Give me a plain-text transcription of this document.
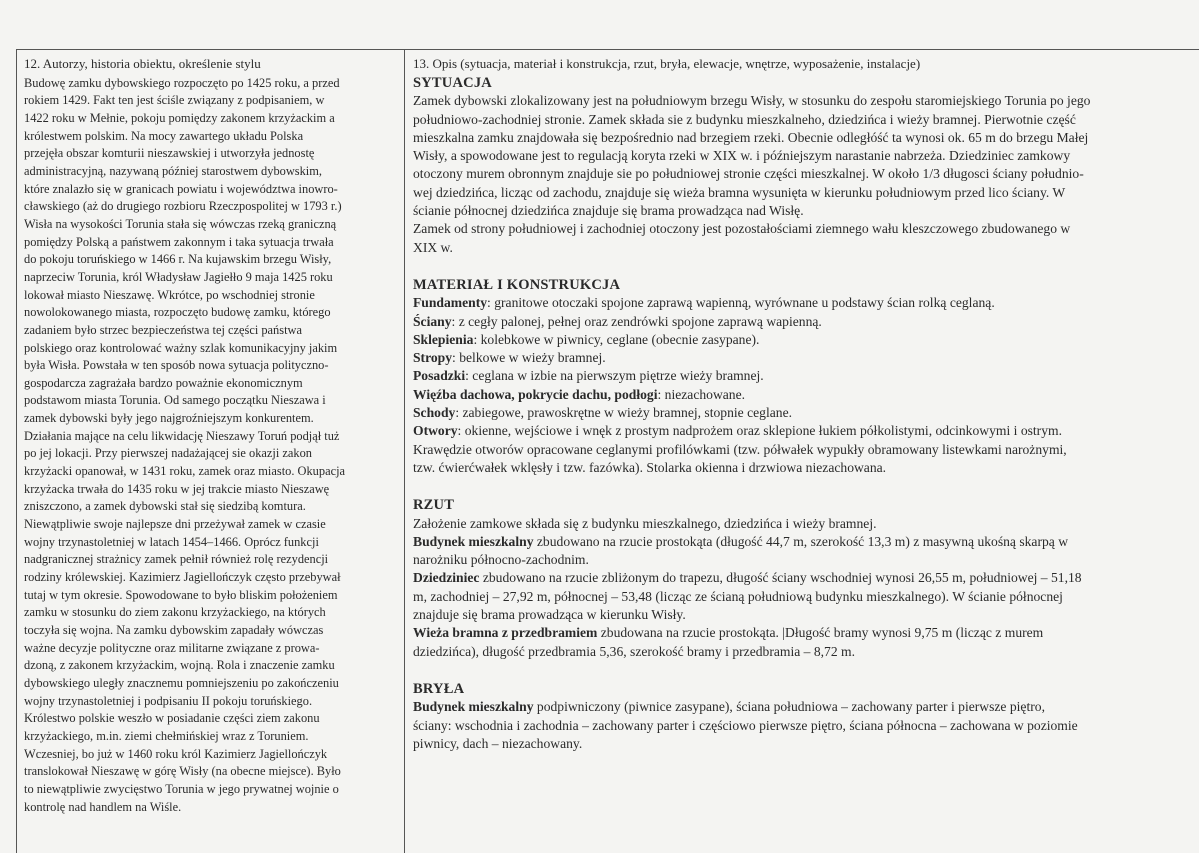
12. Autorzy, historia obiektu, określenie stylu
Budowę zamku dybowskiego rozpoczęto po 1425 roku, a przed
rokiem 1429. Fakt ten jest ściśle związany z podpisaniem, w
1422 roku w Mełnie, pokoju pomiędzy zakonem krzyżackim a
królestwem polskim. Na mocy zawartego układu Polska
przejęła obszar komturii nieszawskiej i utworzyła jednostę
administracyjną, nazywaną później starostwem dybowskim,
które znalazło się w granicach powiatu i województwa inowro-
cławskiego (aż do drugiego rozbioru Rzeczpospolitej w 1793 r.)
Wisła na wysokości Torunia stała się wówczas rzeką graniczną
pomiędzy Polską a państwem zakonnym i taka sytuacja trwała
do pokoju toruńskiego w 1466 r. Na kujawskim brzegu Wisły,
naprzeciw Torunia, król Władysław Jagiełło 9 maja 1425 roku
lokował miasto Nieszawę. Wkrótce, po wschodniej stronie
nowolokowanego miasta, rozpoczęto budowę zamku, którego
zadaniem było strzec bezpieczeństwa tej części państwa
polskiego oraz kontrolować ważny szlak komunikacyjny jakim
była Wisła. Powstała w ten sposób nowa sytuacja polityczno-
gospodarcza zagrażała bardzo poważnie ekonomicznym
podstawom miasta Torunia. Od samego początku Nieszawa i
zamek dybowski były jego najgroźniejszym konkurentem.
Działania mające na celu likwidację Nieszawy Toruń podjął tuż
po jej lokacji. Przy pierwszej nadażającej sie okazji zakon
krzyżacki opanował, w 1431 roku, zamek oraz miasto. Okupacja
krzyżacka trwała do 1435 roku w jej trakcie miasto Nieszawę
zniszczono, a zamek dybowski stał się siedzibą komtura.
Niewątpliwie swoje najlepsze dni przeżywał zamek w czasie
wojny trzynastoletniej w latach 1454–1466. Oprócz funkcji
nadgranicznej strażnicy zamek pełnił również rolę rezydencji
rodziny królewskiej. Kazimierz Jagiellończyk często przebywał
tutaj w tym okresie. Spowodowane to było bliskim położeniem
zamku w stosunku do ziem zakonu krzyżackiego, na których
toczyła się wojna. Na zamku dybowskim zapadały wówczas
ważne decyzje polityczne oraz militarne związane z prowa-
dzoną, z zakonem krzyżackim, wojną. Rola i znaczenie zamku
dybowskiego uległy znacznemu pomniejszeniu po zakończeniu
wojny trzynastoletniej i podpisaniu II pokoju toruńskiego.
Królestwo polskie weszło w posiadanie części ziem zakonu
krzyżackiego, m.in. ziemi chełmińskiej wraz z Toruniem.
Wczesniej, bo już w 1460 roku król Kazimierz Jagiellończyk
translokował Nieszawę w górę Wisły (na obecne miejsce). Było
to niewątpliwie zwycięstwo Torunia w jego prywatnej wojnie o
kontrolę nad handlem na Wiśle.
13. Opis (sytuacja, materiał i konstrukcja, rzut, bryła, elewacje, wnętrze, wyposażenie, instalacje)
SYTUACJA
Zamek dybowski zlokalizowany jest na południowym brzegu Wisły, w stosunku do zespołu staromiejskiego Torunia po jego
południowo-zachodniej stronie. Zamek składa sie z budynku mieszkalneho, dziedzińca i wieży bramnej. Pierwotnie część
mieszkalna zamku znajdowała się bezpośrednio nad brzegiem rzeki. Obecnie odległóść ta wynosi ok. 65 m do brzegu Małej
Wisły, a spowodowane jest to regulacją koryta rzeki w XIX w. i późniejszym narastanie nabrzeża. Dziedziniec zamkowy
otoczony murem obronnym znajduje sie po południowej stronie części mieszkalnej. W około 1/3 długosci ściany południo-
wej dziedzińca, licząc od zachodu, znajduje się wieża bramna wysunięta w kierunku południowym przed lico ściany. W
ścianie północnej dziedzińca znajduje się brama prowadząca nad Wisłę.
Zamek od strony południowej i zachodniej otoczony jest pozostałościami ziemnego wału kleszczowego zbudowanego w
XIX w.
MATERIAŁ I KONSTRUKCJA
Fundamenty: granitowe otoczaki spojone zaprawą wapienną, wyrównane u podstawy ścian rolką ceglaną.
Ściany: z cegły palonej, pełnej oraz zendrówki spojone zaprawą wapienną.
Sklepienia: kolebkowe w piwnicy, ceglane (obecnie zasypane).
Stropy: belkowe w wieży bramnej.
Posadzki: ceglana w izbie na pierwszym piętrze wieży bramnej.
Więźba dachowa, pokrycie dachu, podłogi: niezachowane.
Schody: zabiegowe, prawoskrętne w wieży bramnej, stopnie ceglane.
Otwory: okienne, wejściowe i wnęk z prostym nadprożem oraz sklepione łukiem półkolistymi, odcinkowymi i ostrym.
Krawędzie otworów opracowane ceglanymi profilówkami (tzw. półwałek wypukły obramowany listewkami narożnymi,
tzw. ćwierćwałek wklęsły i tzw. fazówka). Stolarka okienna i drzwiowa niezachowana.
RZUT
Założenie zamkowe składa się z budynku mieszkalnego, dziedzińca i wieży bramnej.
Budynek mieszkalny zbudowano na rzucie prostokąta (długość 44,7 m, szerokość 13,3 m) z masywną ukośną skarpą w
narożniku północno-zachodnim.
Dziedziniec zbudowano na rzucie zbliżonym do trapezu, długość ściany wschodniej wynosi 26,55 m, południowej – 51,18
m, zachodniej – 27,92 m, północnej – 53,48 (licząc ze ścianą południową budynku mieszkalnego). W ścianie północnej
znajduje się brama prowadząca w kierunku Wisły.
Wieża bramna z przedbramiem zbudowana na rzucie prostokąta. |Długość bramy wynosi 9,75 m (licząc z murem
dziedzińca), długość przedbramia 5,36, szerokość bramy i przedbramia – 8,72 m.
BRYŁA
Budynek mieszkalny podpiwniczony (piwnice zasypane), ściana południowa – zachowany parter i pierwsze piętro,
ściany: wschodnia i zachodnia – zachowany parter i częściowo pierwsze piętro, ściana północna – zachowana w poziomie
piwnicy, dach – niezachowany.
